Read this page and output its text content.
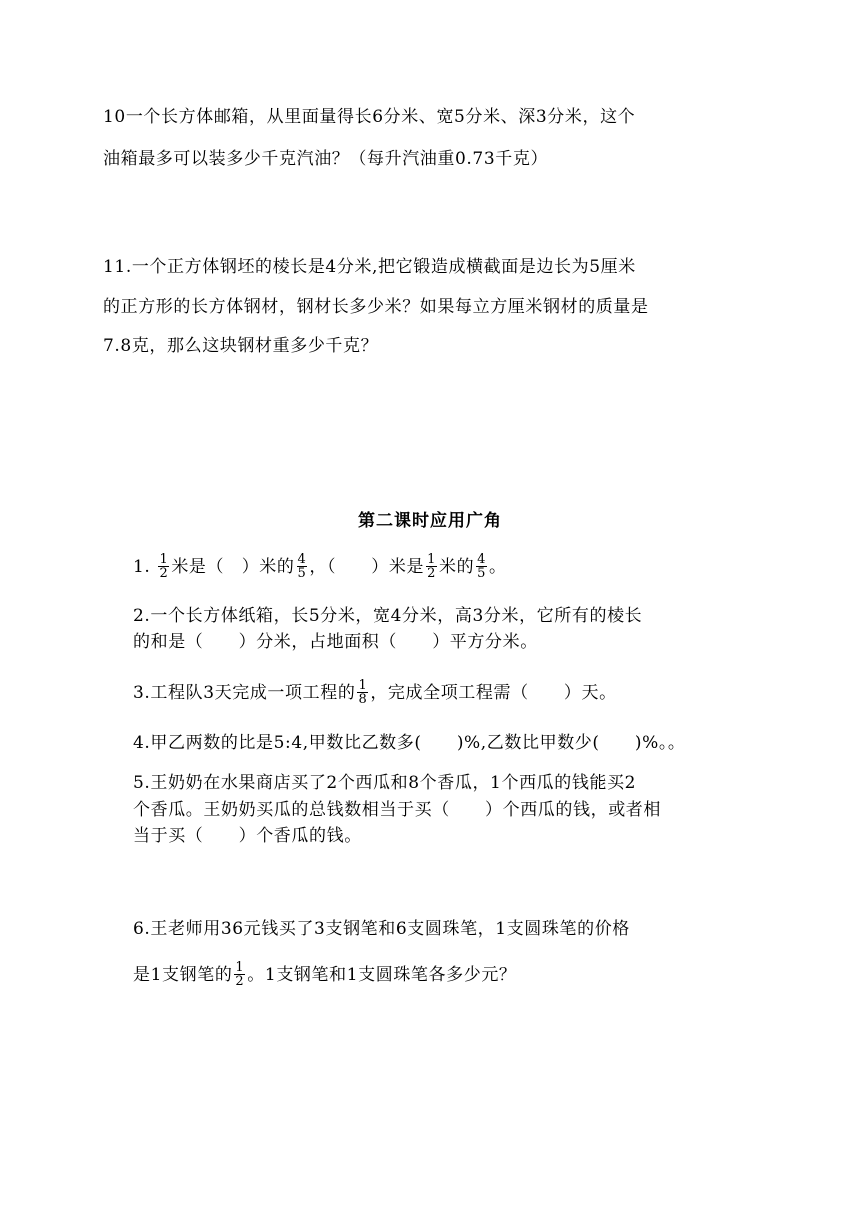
10一个长方体邮箱，从里面量得长6分米、宽5分米、深3分米，这个
油箱最多可以装多少千克汽油？（每升汽油重0.73千克）
11.一个正方体钢坯的棱长是4分米,把它锻造成横截面是边长为5厘米
的正方形的长方体钢材，钢材长多少米？如果每立方厘米钢材的质量是
7.8克，那么这块钢材重多少千克？
第二课时应用广角
1. $\frac{1}{2}$ 米是（　）米的 $\frac{4}{5}$ ，（　　）米是 $\frac{1}{2}$ 米的 $\frac{4}{5}$ 。
2.一个长方体纸箱，长5分米，宽4分米，高3分米，它所有的棱长
的和是（　　）分米，占地面积（　　）平方分米。
3.工程队3天完成一项工程的 $\frac{1}{8}$ ，完成全项工程需（　　）天。
4.甲乙两数的比是5:4,甲数比乙数多(　　)%,乙数比甲数少(　　)%。。
5.王奶奶在水果商店买了2个西瓜和8个香瓜，1个西瓜的钱能买2
个香瓜。王奶奶买瓜的总钱数相当于买（　　）个西瓜的钱，或者相
当于买（　　）个香瓜的钱。
6.王老师用36元钱买了3支钢笔和6支圆珠笔，1支圆珠笔的价格
是1支钢笔的 $\frac{1}{2}$ 。1支钢笔和1支圆珠笔各多少元？
